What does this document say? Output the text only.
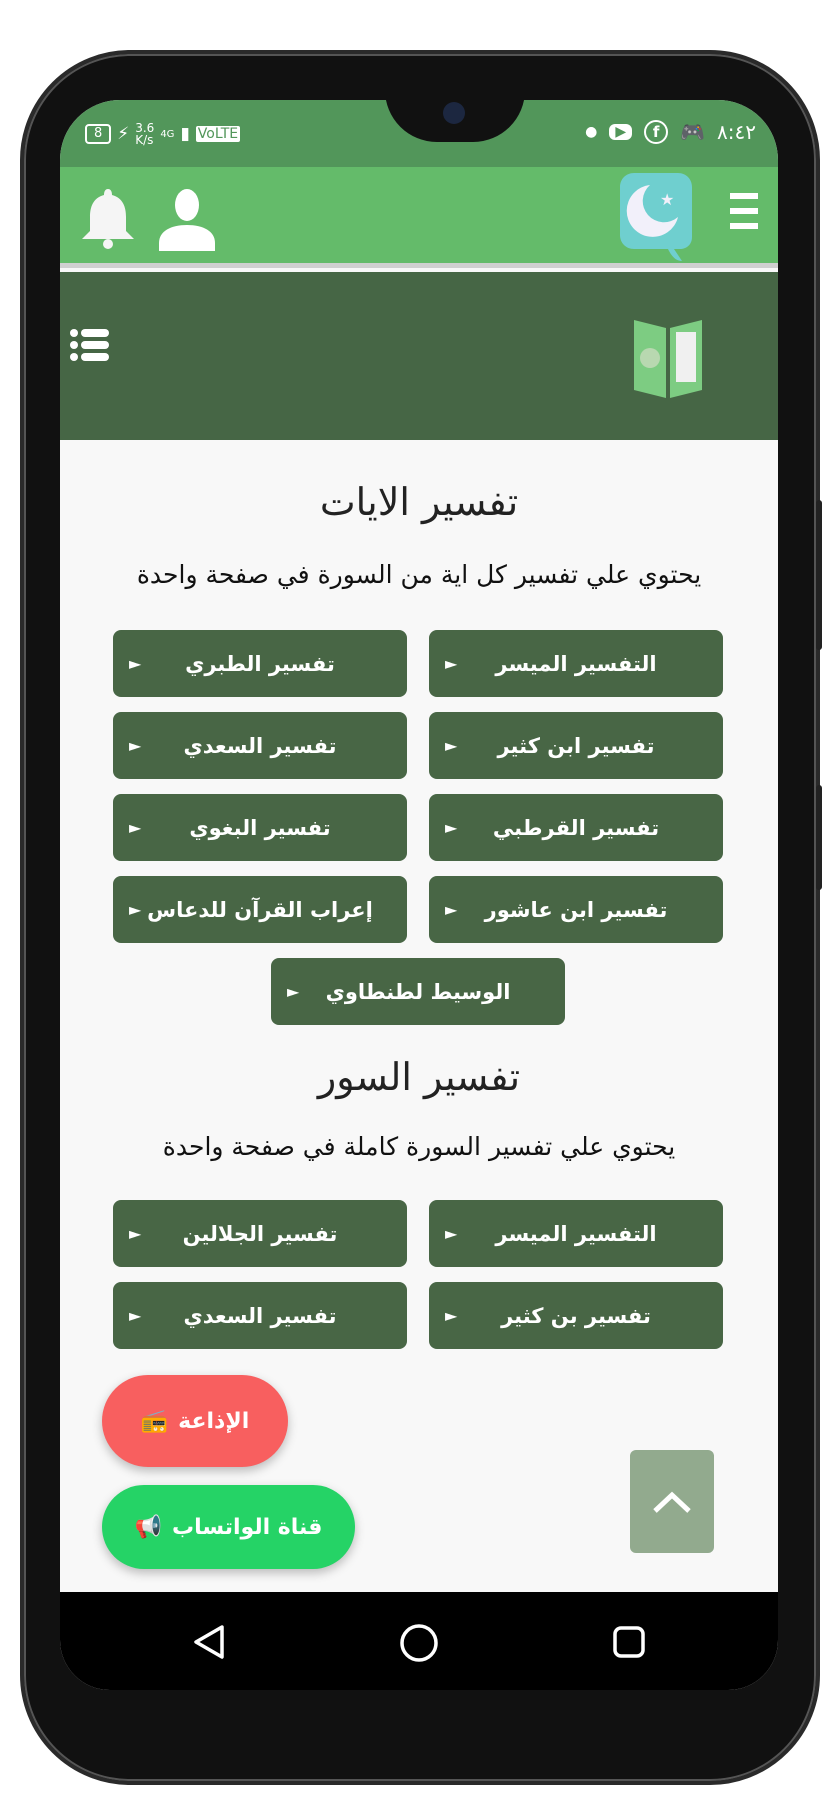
8 ⚡ 3.6
K/s 4G ▮ VoLTE	●	▶	f	🎮 ٨:٤٢
★
تفسير الايات
يحتوي علي تفسير كل اية من السورة في صفحة واحدة
التفسير الميسر
►
تفسير الطبري
►
تفسير ابن كثير
►
تفسير السعدي
►
تفسير القرطبي
►
تفسير البغوي
►
تفسير ابن عاشور
►
إعراب القرآن للدعاس
►
الوسيط لطنطاوي
►
تفسير السور
يحتوي علي تفسير السورة كاملة في صفحة واحدة
التفسير الميسر
►
تفسير الجلالين
►
تفسير بن كثير
►
تفسير السعدي
►
الإذاعة
📻
قناة الواتساب
📢
